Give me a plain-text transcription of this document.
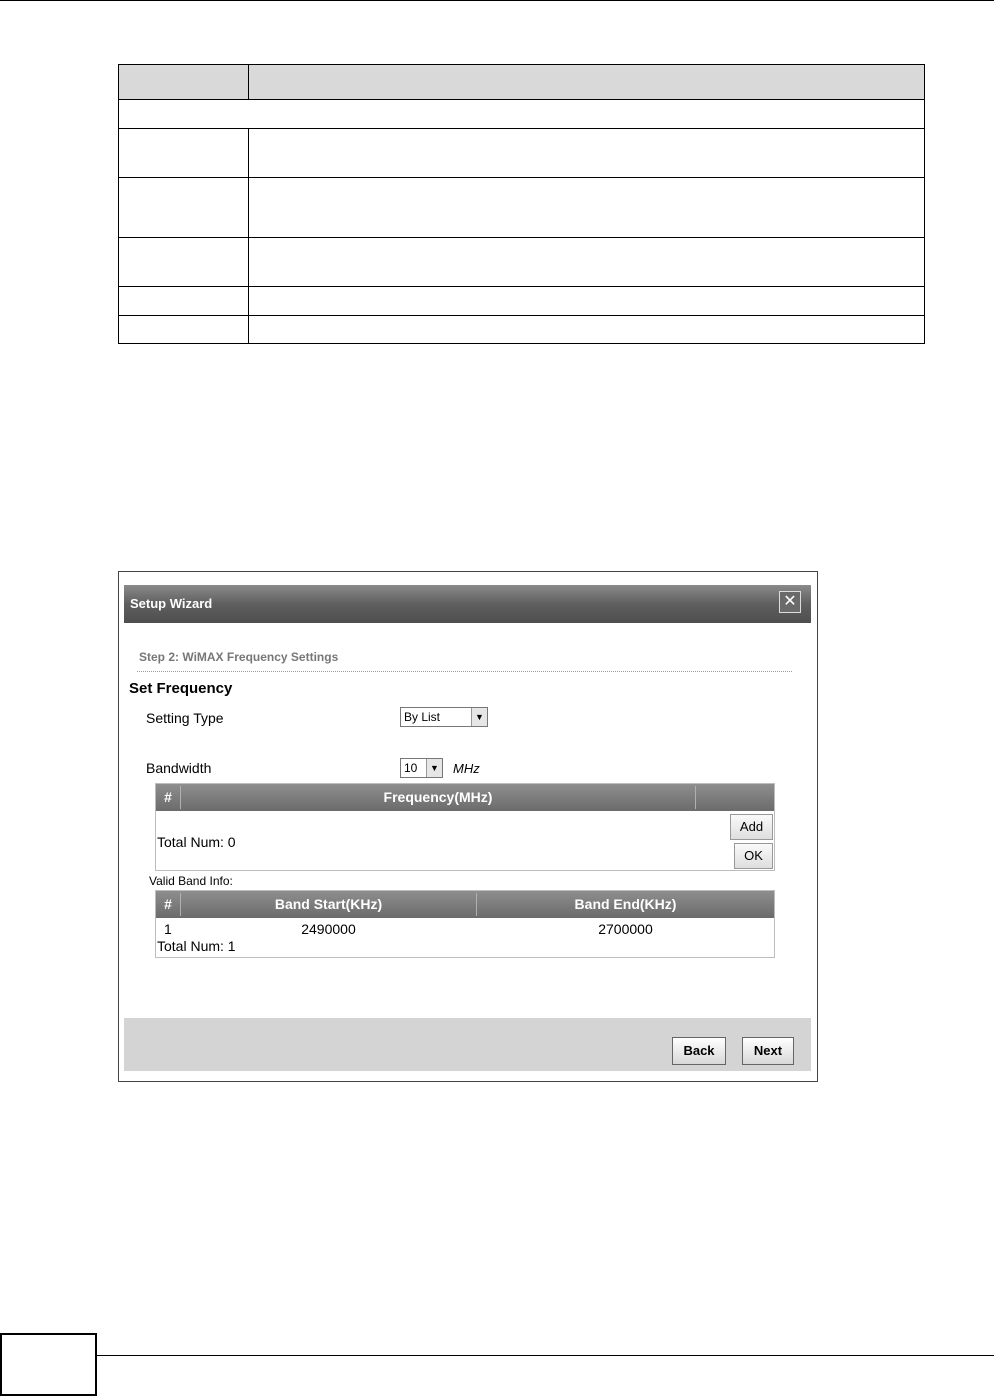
Setup Wizard	✕
Step 2: WiMAX Frequency Settings
Set Frequency
Setting Type	By List	▼
Bandwidth	10	▼ MHz
#	Frequency(MHz)
Total Num: 0
Add
OK
Valid Band Info:
#	Band Start(KHz)	Band End(KHz)
1	2490000	2700000
Total Num: 1
Back	Next
